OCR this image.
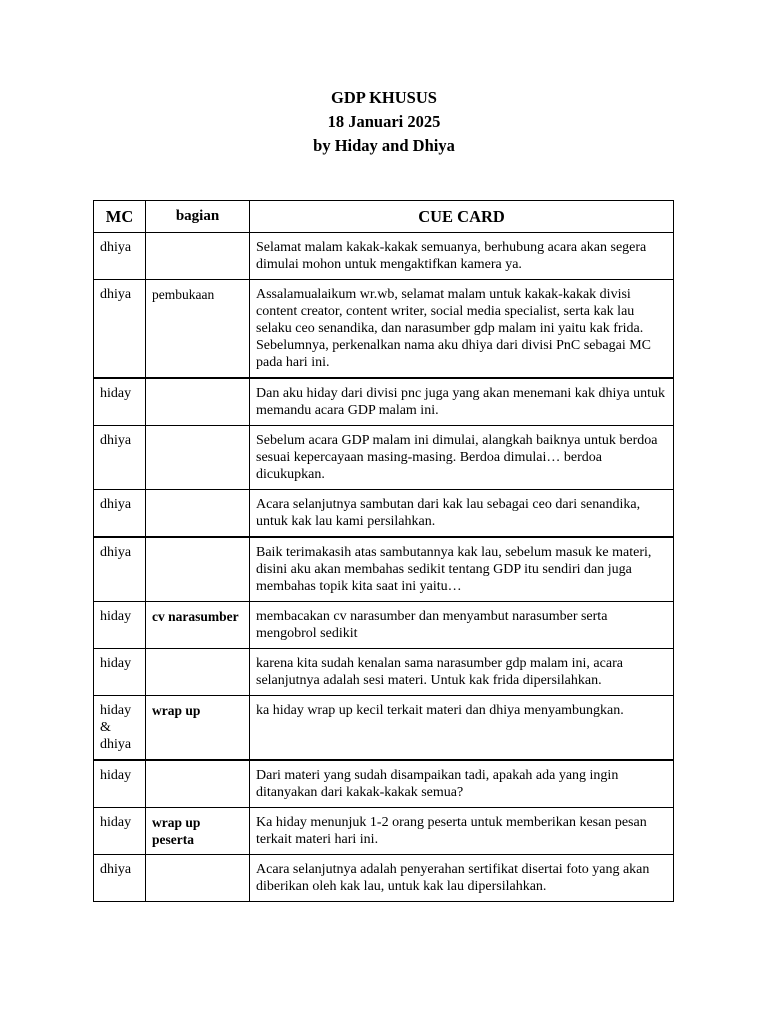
GDP KHUSUS
18 Januari 2025
by Hiday and Dhiya
MC	bagian	CUE CARD
dhiya		Selamat malam kakak-kakak semuanya, berhubung acara akan segera dimulai mohon untuk mengaktifkan kamera ya.
dhiya	pembukaan	Assalamualaikum wr.wb, selamat malam untuk kakak-kakak divisi content creator, content writer, social media specialist, serta kak lau selaku ceo senandika, dan narasumber gdp malam ini yaitu kak frida. Sebelumnya, perkenalkan nama aku dhiya dari divisi PnC sebagai MC pada hari ini.
hiday		Dan aku hiday dari divisi pnc juga yang akan menemani kak dhiya untuk memandu acara GDP malam ini.
dhiya		Sebelum acara GDP malam ini dimulai, alangkah baiknya untuk berdoa sesuai kepercayaan masing-masing. Berdoa dimulai… berdoa dicukupkan.
dhiya		Acara selanjutnya sambutan dari kak lau sebagai ceo dari senandika, untuk kak lau kami persilahkan.
dhiya		Baik terimakasih atas sambutannya kak lau, sebelum masuk ke materi, disini aku akan membahas sedikit tentang GDP itu sendiri dan juga membahas topik kita saat ini yaitu…
hiday	cv narasumber	membacakan cv narasumber dan menyambut narasumber serta mengobrol sedikit
hiday		karena kita sudah kenalan sama narasumber gdp malam ini, acara selanjutnya adalah sesi materi. Untuk kak frida dipersilahkan.
hiday & dhiya	wrap up	ka hiday wrap up kecil terkait materi dan dhiya menyambungkan.
hiday		Dari materi yang sudah disampaikan tadi, apakah ada yang ingin ditanyakan dari kakak-kakak semua?
hiday	wrap up peserta	Ka hiday menunjuk 1-2 orang peserta untuk memberikan kesan pesan terkait materi hari ini.
dhiya		Acara selanjutnya adalah penyerahan sertifikat disertai foto yang akan diberikan oleh kak lau, untuk kak lau dipersilahkan.
